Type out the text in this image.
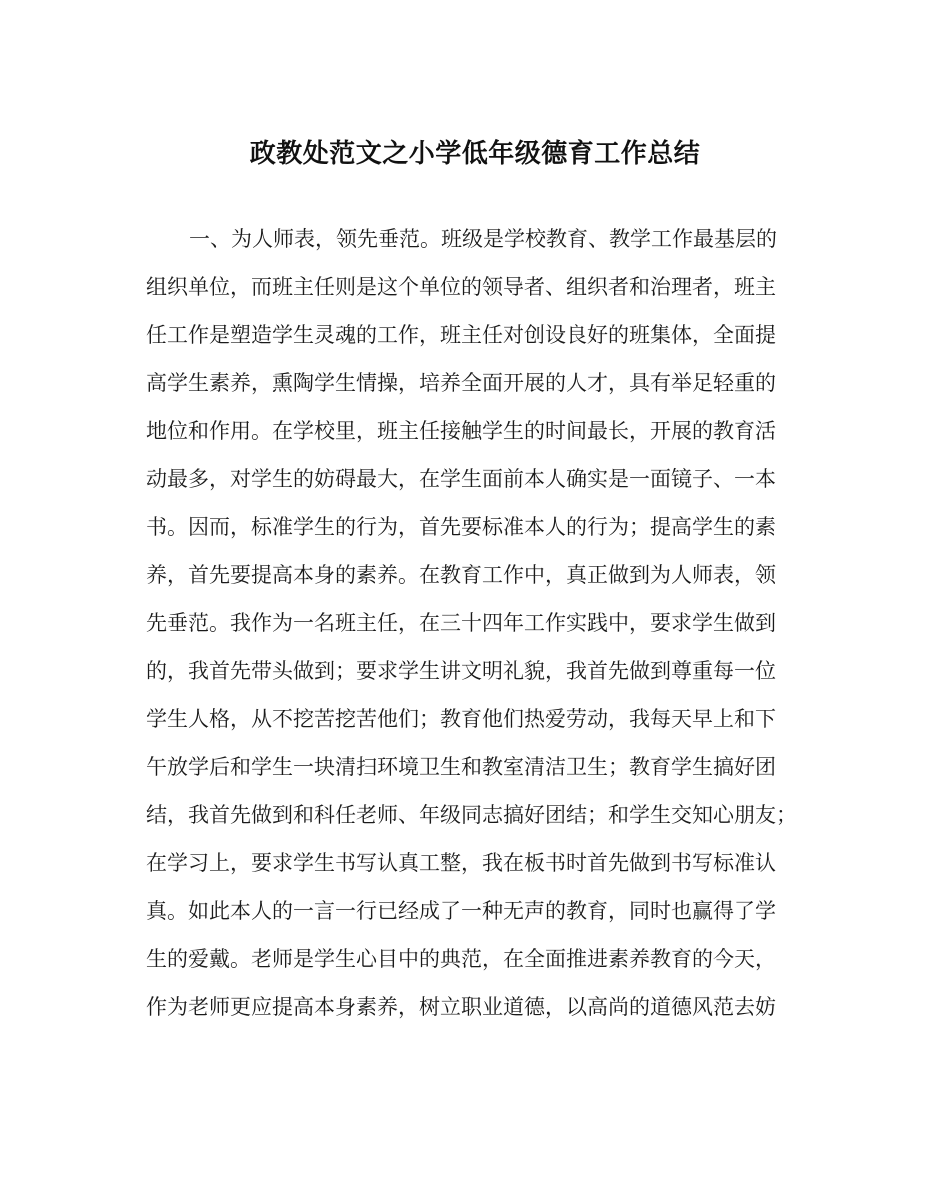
政教处范文之小学低年级德育工作总结
一、为人师表，领先垂范。班级是学校教育、教学工作最基层的
组织单位，而班主任则是这个单位的领导者、组织者和治理者，班主
任工作是塑造学生灵魂的工作，班主任对创设良好的班集体，全面提
高学生素养，熏陶学生情操，培养全面开展的人才，具有举足轻重的
地位和作用。在学校里，班主任接触学生的时间最长，开展的教育活
动最多，对学生的妨碍最大，在学生面前本人确实是一面镜子、一本
书。因而，标准学生的行为，首先要标准本人的行为；提高学生的素
养，首先要提高本身的素养。在教育工作中，真正做到为人师表，领
先垂范。我作为一名班主任，在三十四年工作实践中，要求学生做到
的，我首先带头做到；要求学生讲文明礼貌，我首先做到尊重每一位
学生人格，从不挖苦挖苦他们；教育他们热爱劳动，我每天早上和下
午放学后和学生一块清扫环境卫生和教室清洁卫生；教育学生搞好团
结，我首先做到和科任老师、年级同志搞好团结；和学生交知心朋友；
在学习上，要求学生书写认真工整，我在板书时首先做到书写标准认
真。如此本人的一言一行已经成了一种无声的教育，同时也赢得了学
生的爱戴。老师是学生心目中的典范，在全面推进素养教育的今天，
作为老师更应提高本身素养，树立职业道德，以高尚的道德风范去妨
